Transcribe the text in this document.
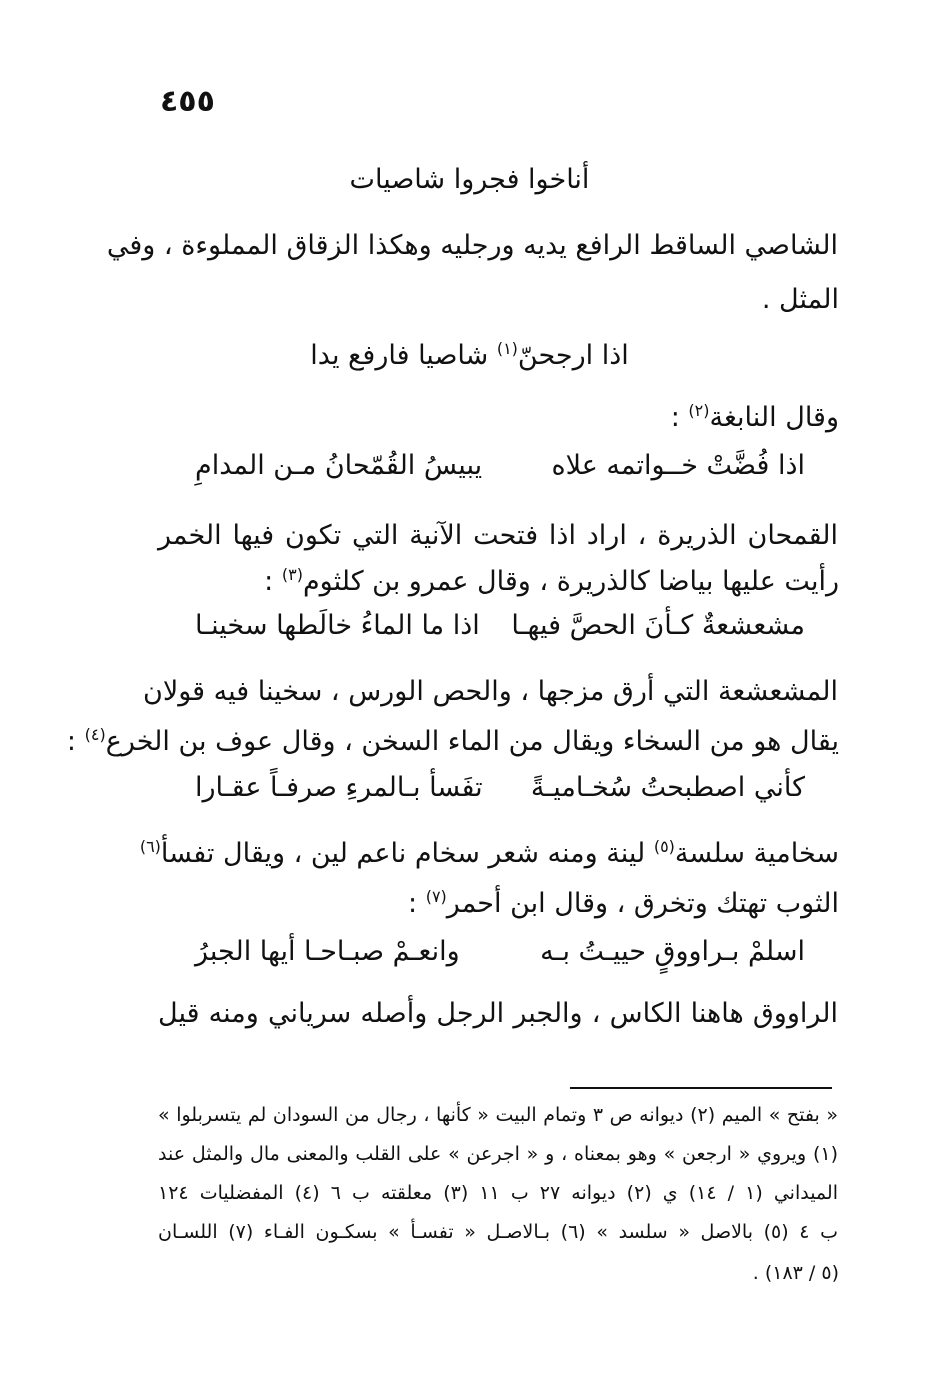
٤٥٥
أناخوا فجروا شاصيات
الشاصي الساقط الرافع يديه ورجليه وهكذا الزقاق المملوءة ، وفي
المثل .
اذا ارجحنّ$^{(١)}$ شاصيا فارفع يدا
وقال النابغة$^{(٢)}$ :
اذا فُضَّتْ خــواتمه علاه
يبيسُ القُمّحانُ مـن المدامِ
القمحان الذريرة ، اراد اذا فتحت الآنية التي تكون فيها الخمر
رأيت عليها بياضا كالذريرة ، وقال عمرو بن كلثوم$^{(٣)}$ :
مشعشعةٌ كـأنَ الحصَّ فيهـا
اذا ما الماءُ خالَطها سخينـا
المشعشعة التي أرق مزجها ، والحص الورس ، سخينا فيه قولان
يقال هو من السخاء ويقال من الماء السخن ، وقال عوف بن الخرع$^{(٤)}$ :
كأني اصطبحتُ سُخـاميـةً
تفَسأ بـالمرءِ صرفـاً عقـارا
سخامية سلسة$^{(٥)}$ لينة ومنه شعر سخام ناعم لين ، ويقال تفسأ$^{(٦)}$
الثوب تهتك وتخرق ، وقال ابن أحمر$^{(٧)}$ :
اسلمْ بـراووقٍ حييـتُ بـه
وانعـمْ صبـاحـا أيها الجبرُ
الراووق هاهنا الكاس ، والجبر الرجل وأصله سرياني ومنه قيل
« بفتح » الميم (٢) ديوانه ص ٣ وتمام البيت « كأنها ، رجال من السودان لم يتسربلوا »
(١) ويروي « ارجعن » وهو بمعناه ، و « اجرعن » على القلب والمعنى مال والمثل عند
الميداني (١ / ١٤) ي (٢) ديوانه ٢٧ ب ١١ (٣) معلقته ب ٦ (٤) المفضليات ١٢٤
ب ٤ (٥) بالاصل « سلسد » (٦) بـالاصـل « تفسـأ » بسكـون الفـاء (٧) اللسـان
(٥ / ١٨٣) .
